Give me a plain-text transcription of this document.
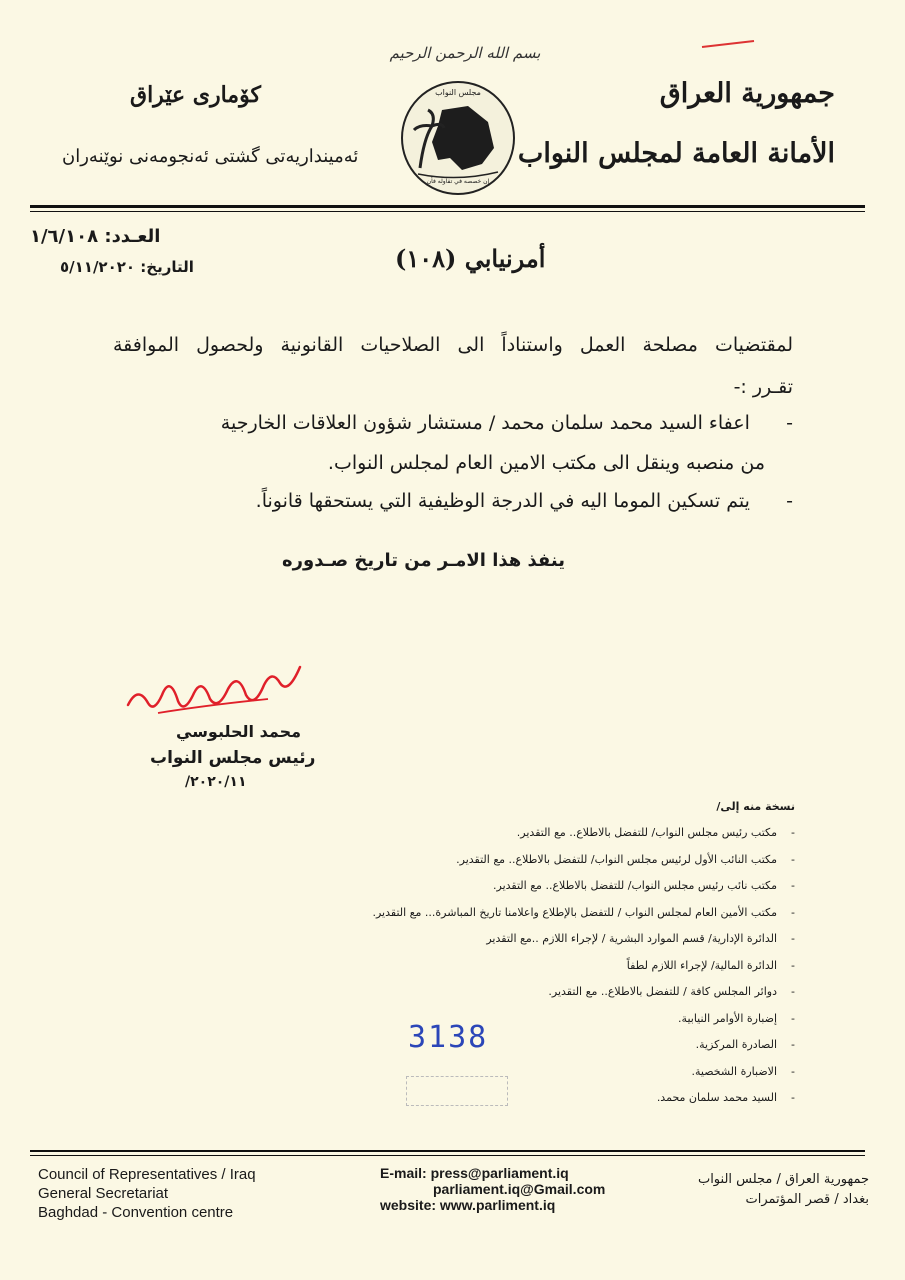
بسم الله الرحمن الرحيم
مجلس النواب
إن خصصه في تفاوله فأن
جمهورية العراق
الأمانة العامة لمجلس النواب
کۆماری عێراق
ئەمینداریەتی گشتی ئەنجومەنی نوێنەران
العـدد: ١/٦/١٠٨
التاريخ: ٥/١١/٢٠٢٠	أمرنيابي (١٠٨)
لمقتضيات مصلحة العمل واستناداً الى الصلاحيات القانونية ولحصول الموافقة
تقـرر :-
-      اعفاء السيد محمد سلمان محمد / مستشار شؤون العلاقات الخارجية
من منصبه وينقل الى مكتب الامين العام لمجلس النواب.
-      يتم تسكين الموما اليه في الدرجة الوظيفية التي يستحقها قانوناً.
ينفذ هذا الامـر من تاريخ صـدوره
محمد الحلبوسي
رئيس مجلس النواب
٢٠٢٠/١١/
نسخة منه إلى/
-مكتب رئيس مجلس النواب/ للتفضل بالاطلاع.. مع التقدير.
-مكتب النائب الأول لرئيس مجلس النواب/ للتفضل بالاطلاع.. مع التقدير.
-مكتب نائب رئيس مجلس النواب/ للتفضل بالاطلاع.. مع التقدير.
-مكتب الأمين العام لمجلس النواب / للتفضل بالإطلاع واعلامنا تاريخ المباشرة... مع التقدير.
-الدائرة الإدارية/ قسم الموارد البشرية / لإجراء اللازم ..مع التقدير
-الدائرة المالية/ لإجراء اللازم لطفاً
-دوائر المجلس كافة / للتفضل بالاطلاع.. مع التقدير.
-إضبارة الأوامر النيابية.
-الصادرة المركزية.
-الاضبارة الشخصية.
-السيد محمد سلمان محمد.
3138
Council of Representatives / Iraq
General Secretariat
Baghdad - Convention centre
E-mail: press@parliament.iq
parliament.iq@Gmail.com
website: www.parliment.iq
جمهورية العراق / مجلس النواب
بغداد / قصر المؤتمرات
